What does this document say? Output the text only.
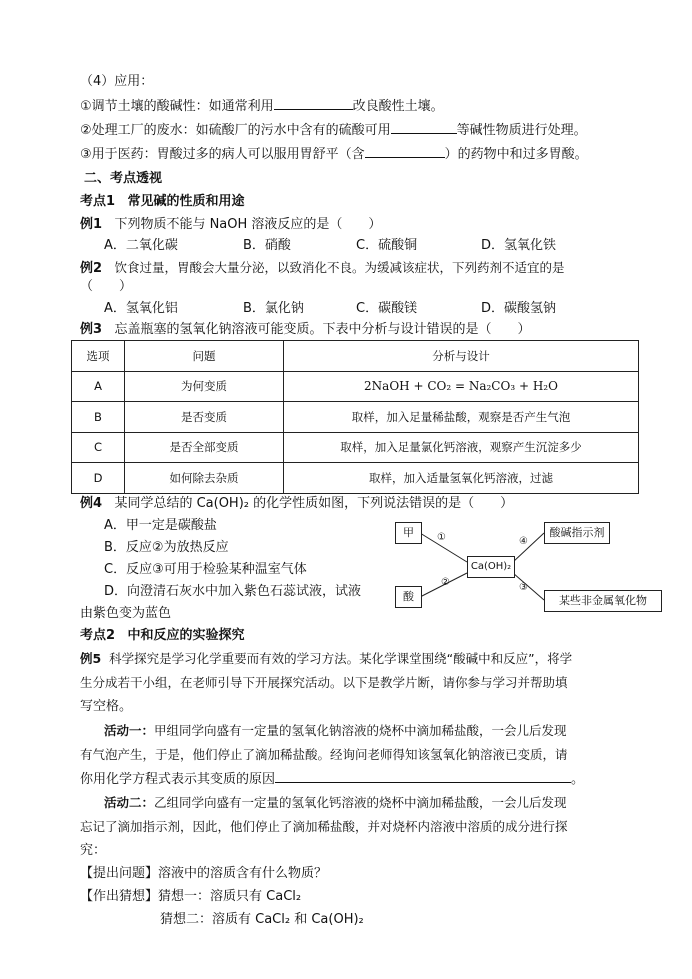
（4）应用：
①调节土壤的酸碱性：如通常利用	改良酸性土壤。
②处理工厂的废水：如硫酸厂的污水中含有的硫酸可用	等碱性物质进行处理。
③用于医药：胃酸过多的病人可以服用胃舒平（含	）的药物中和过多胃酸。
二、考点透视
考点1 常见碱的性质和用途
例1 下列物质不能与 NaOH 溶液反应的是（　　）
A．二氧化碳	B．硝酸	C．硫酸铜	D．氢氧化铁
例2 饮食过量，胃酸会大量分泌，以致消化不良。为缓减该症状，下列药剂不适宜的是
（　　）
A．氢氧化铝	B．氯化钠	C．碳酸镁	D．碳酸氢钠
例3 忘盖瓶塞的氢氧化钠溶液可能变质。下表中分析与设计错误的是（　　）
选项	问题	分析与设计
A	为何变质	2NaOH + CO₂ = Na₂CO₃ + H₂O
B	是否变质	取样，加入足量稀盐酸，观察是否产生气泡
C	是否全部变质	取样，加入足量氯化钙溶液，观察产生沉淀多少
D	如何除去杂质	取样，加入适量氢氧化钙溶液，过滤
例4 某同学总结的 Ca(OH)₂ 的化学性质如图，下列说法错误的是（　　）
A．甲一定是碳酸盐
B．反应②为放热反应
C．反应③可用于检验某种温室气体
D．向澄清石灰水中加入紫色石蕊试液，试液
由紫色变为蓝色
甲
酸
Ca(OH)₂
酸碱指示剂
某些非金属氧化物
①
②
④
③
考点2 中和反应的实验探究
例5 科学探究是学习化学重要而有效的学习方法。某化学课堂围绕“酸碱中和反应”，将学
生分成若干小组，在老师引导下开展探究活动。以下是教学片断，请你参与学习并帮助填
写空格。
活动一：甲组同学向盛有一定量的氢氧化钠溶液的烧杯中滴加稀盐酸，一会儿后发现
有气泡产生，于是，他们停止了滴加稀盐酸。经询问老师得知该氢氧化钠溶液已变质，请
你用化学方程式表示其变质的原因	。
活动二：乙组同学向盛有一定量的氢氧化钙溶液的烧杯中滴加稀盐酸，一会儿后发现
忘记了滴加指示剂，因此，他们停止了滴加稀盐酸，并对烧杯内溶液中溶质的成分进行探
究：
【提出问题】溶液中的溶质含有什么物质？
【作出猜想】猜想一：溶质只有 CaCl₂
猜想二：溶质有 CaCl₂ 和 Ca(OH)₂
